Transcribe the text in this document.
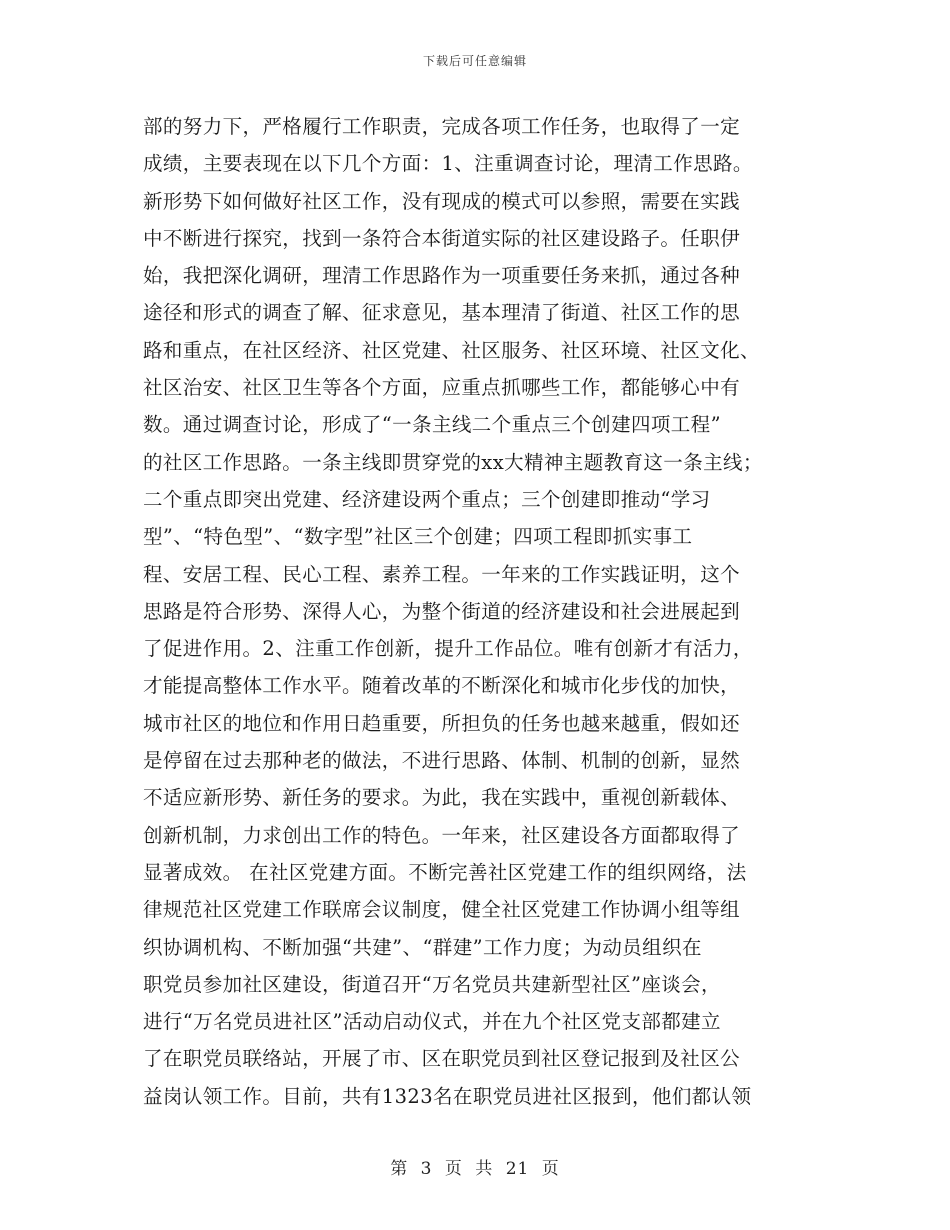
下载后可任意编辑
部的努力下，严格履行工作职责，完成各项工作任务，也取得了一定
成绩，主要表现在以下几个方面：1、注重调查讨论，理清工作思路。
新形势下如何做好社区工作，没有现成的模式可以参照，需要在实践
中不断进行探究，找到一条符合本街道实际的社区建设路子。任职伊
始，我把深化调研，理清工作思路作为一项重要任务来抓，通过各种
途径和形式的调查了解、征求意见，基本理清了街道、社区工作的思
路和重点，在社区经济、社区党建、社区服务、社区环境、社区文化、
社区治安、社区卫生等各个方面，应重点抓哪些工作，都能够心中有
数。通过调查讨论，形成了“一条主线二个重点三个创建四项工程”
的社区工作思路。一条主线即贯穿党的xx大精神主题教育这一条主线；
二个重点即突出党建、经济建设两个重点；三个创建即推动“学习
型”、“特色型”、“数字型”社区三个创建；四项工程即抓实事工
程、安居工程、民心工程、素养工程。一年来的工作实践证明，这个
思路是符合形势、深得人心，为整个街道的经济建设和社会进展起到
了促进作用。2、注重工作创新，提升工作品位。唯有创新才有活力，
才能提高整体工作水平。随着改革的不断深化和城市化步伐的加快，
城市社区的地位和作用日趋重要，所担负的任务也越来越重，假如还
是停留在过去那种老的做法，不进行思路、体制、机制的创新，显然
不适应新形势、新任务的要求。为此，我在实践中，重视创新载体、
创新机制，力求创出工作的特色。一年来，社区建设各方面都取得了
显著成效。 在社区党建方面。不断完善社区党建工作的组织网络，法
律规范社区党建工作联席会议制度，健全社区党建工作协调小组等组
织协调机构、不断加强“共建”、“群建”工作力度；为动员组织在
职党员参加社区建设，街道召开“万名党员共建新型社区”座谈会，
进行“万名党员进社区”活动启动仪式，并在九个社区党支部都建立
了在职党员联络站，开展了市、区在职党员到社区登记报到及社区公
益岗认领工作。目前，共有1323名在职党员进社区报到，他们都认领
第 3 页 共 21 页
